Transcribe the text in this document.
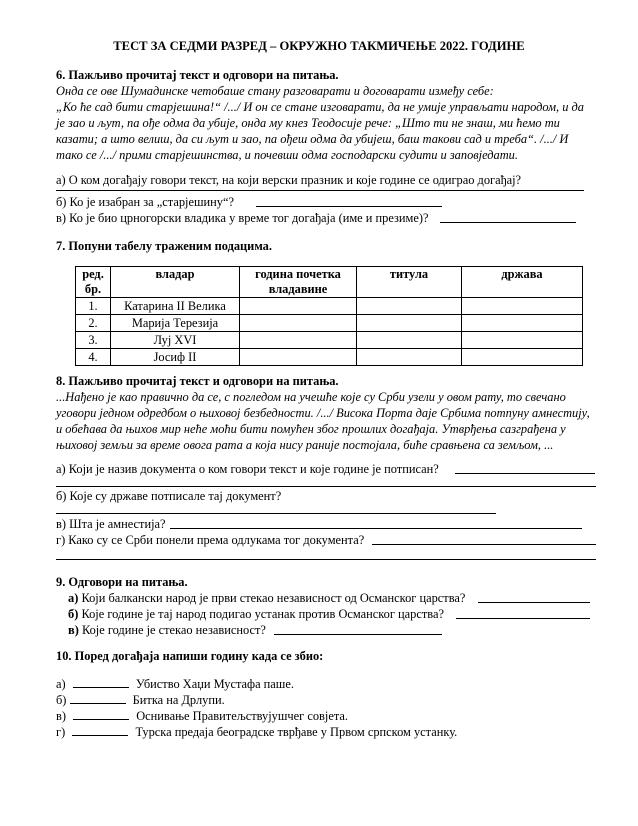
ТЕСТ ЗА СЕДМИ РАЗРЕД – ОКРУЖНО ТАКМИЧЕЊЕ 2022. ГОДИНЕ
6. Пажљиво прочитај текст и одговори на питања.
Онда се ове Шумадинске четобаше стану разговарати и договарати између себе:
„Ко ће сад бити старјешина!“ /.../ И он се стане изговарати, да не умије управљати народом, и да
је зао и љут, па ође одма да убије, онда му кнез Теодосије рече: „Што ти не знаш, ми ћемо ти
казати; а што велиш, да си љут и зао, па ођеш одма да убијеш, баш такови сад и треба“. /.../ И
тако се /.../ прими старјешинства, и почевши одма господарски судити и заповједати.
а) О ком догађају говори текст, на који верски празник и које године се одиграо догађај?
б) Ко је изабран за „старјешину“?
в) Ко је био црногорски владика у време тог догађаја (име и презиме)?
7. Попуни табелу траженим подацима.
ред. бр.	владар	година почетка владавине	титула	држава
1.	Катарина II Велика			
2.	Марија Терезија			
3.	Луј XVI			
4.	Јосиф II			
8. Пажљиво прочитај текст и одговори на питања.
...Нађено је као правично да се, с погледом на учешће које су Срби узели у овом рату, то свечано
уговори једном одредбом о њиховој безбедности. /.../ Висока Порта даје Србима потпуну амнестију,
и обећава да њихов мир неће моћи бити помућен због прошлих догађаја. Утврђења сазграђена у
њиховој земљи за време овога рата а која нису раније постојала, биће сравњена са земљом, ...
а) Који је назив документа о ком говори текст и које године је потписан?
б) Које су државе потписале тај документ?
в) Шта је амнестија?
г) Како су се Срби понели према одлукама тог документа?
9. Одговори на питања.
а) Који балкански народ је први стекао независност од Османског царства?
б) Које године је тај народ подигао устанак против Османског царства?
в) Које године је стекао независност?
10. Поред догађаја напиши годину када се збио:
а)	Убиство Хаџи Мустафа паше.
б)	Битка на Дрлупи.
в)	Оснивање Правитељствујушчег совјета.
г)	Турска предаја београдске тврђаве у Првом српском устанку.
